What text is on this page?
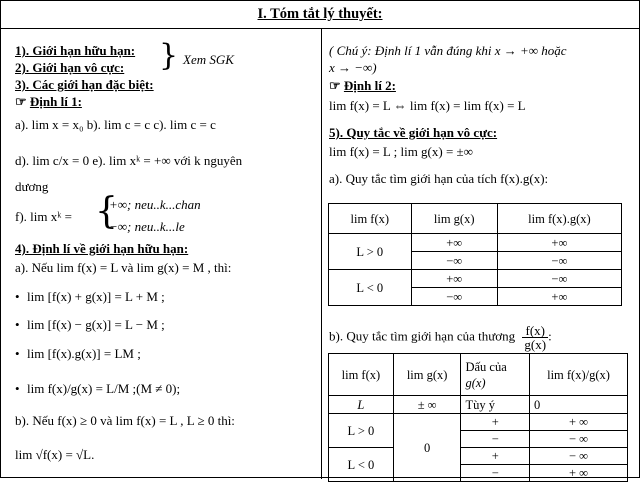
I. Tóm tắt lý thuyết:
1). Giới hạn hữu hạn:
2). Giới hạn vô cực: } Xem SGK
3). Các giới hạn đặc biệt:
☞ Định lí 1:
a). lim x = x₀ b). lim c = c c). lim c = c
d). lim c/x = 0 e). lim xᵏ = +∞ với k nguyên
dương
f). lim xᵏ = {
+∞; neu..k...chan
−∞; neu..k...le
4). Định lí về giới hạn hữu hạn:
a). Nếu lim f(x) = L và lim g(x) = M , thì:
• lim [f(x) + g(x)] = L + M ;
• lim [f(x) − g(x)] = L − M ;
• lim [f(x).g(x)] = LM ;
• lim f(x)/g(x) = L/M ;(M ≠ 0);
b). Nếu f(x) ≥ 0 và lim f(x) = L , L ≥ 0 thì:
lim √f(x) = √L.
( Chú ý: Định lí 1 vẫn đúng khi x → +∞ hoặc
x → −∞)
☞ Định lí 2:
lim f(x) = L ⇔ lim f(x) = lim f(x) = L
5). Quy tắc về giới hạn vô cực:
lim f(x) = L ; lim g(x) = ±∞
a). Quy tắc tìm giới hạn của tích f(x).g(x):
lim f(x)	lim g(x)	lim f(x).g(x)
L > 0	+∞	+∞
	−∞	−∞
L < 0	+∞	−∞
	−∞	+∞
b). Quy tắc tìm giới hạn của thương $\frac{f(x)}{g(x)}$ :
lim f(x)	lim g(x)	Dấu của
g(x)	lim f(x)/g(x)
L	± ∞	Tùy ý	0
L > 0	0	+	+ ∞
		−	− ∞
L < 0		+	− ∞
		−	+ ∞
